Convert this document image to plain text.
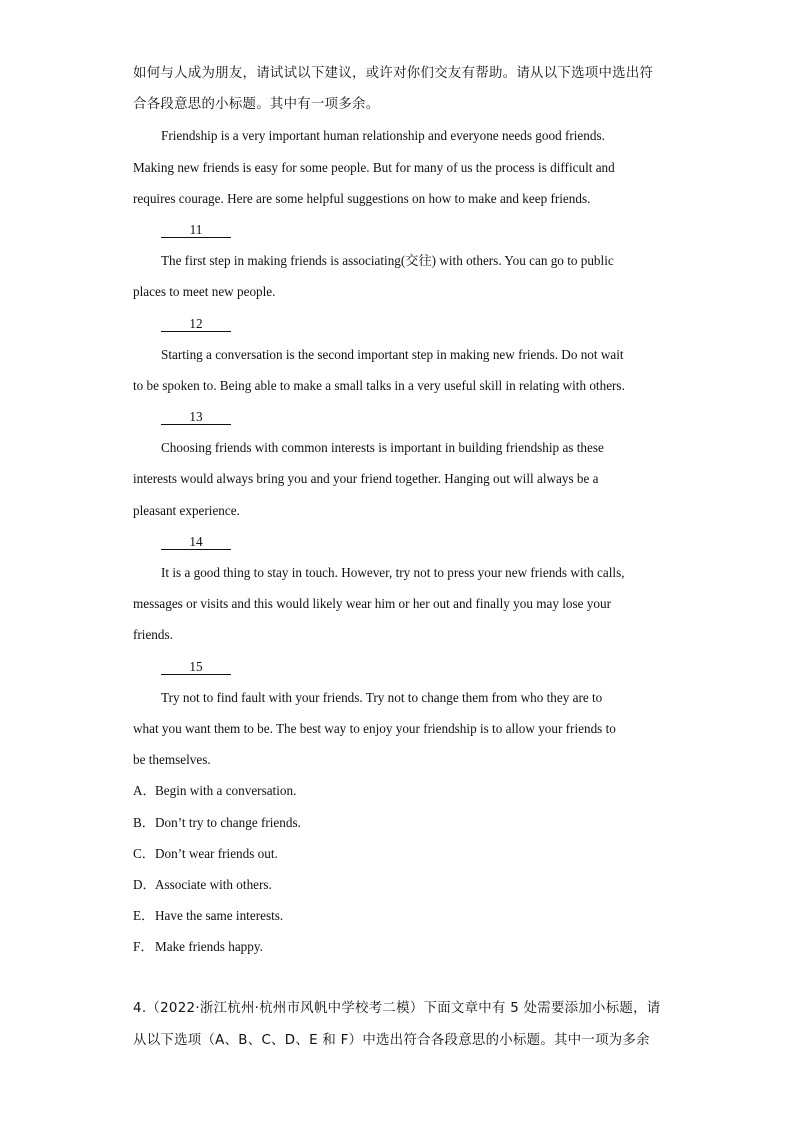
如何与人成为朋友，请试试以下建议，或许对你们交友有帮助。请从以下选项中选出符
合各段意思的小标题。其中有一项多余。
Friendship is a very important human relationship and everyone needs good friends.
Making new friends is easy for some people. But for many of us the process is difficult and
requires courage. Here are some helpful suggestions on how to make and keep friends.
11
The first step in making friends is associating(交往) with others. You can go to public
places to meet new people.
12
Starting a conversation is the second important step in making new friends. Do not wait
to be spoken to. Being able to make a small talks in a very useful skill in relating with others.
13
Choosing friends with common interests is important in building friendship as these
interests would always bring you and your friend together. Hanging out will always be a
pleasant experience.
14
It is a good thing to stay in touch. However, try not to press your new friends with calls,
messages or visits and this would likely wear him or her out and finally you may lose your
friends.
15
Try not to find fault with your friends. Try not to change them from who they are to
what you want them to be. The best way to enjoy your friendship is to allow your friends to
be themselves.
A．Begin with a conversation.
B．Don’t try to change friends.
C．Don’t wear friends out.
D．Associate with others.
E．Have the same interests.
F．Make friends happy.
4.（2022·浙江杭州·杭州市风帆中学校考二模）下面文章中有 5 处需要添加小标题，请
从以下选项（A、B、C、D、E 和 F）中选出符合各段意思的小标题。其中一项为多余
